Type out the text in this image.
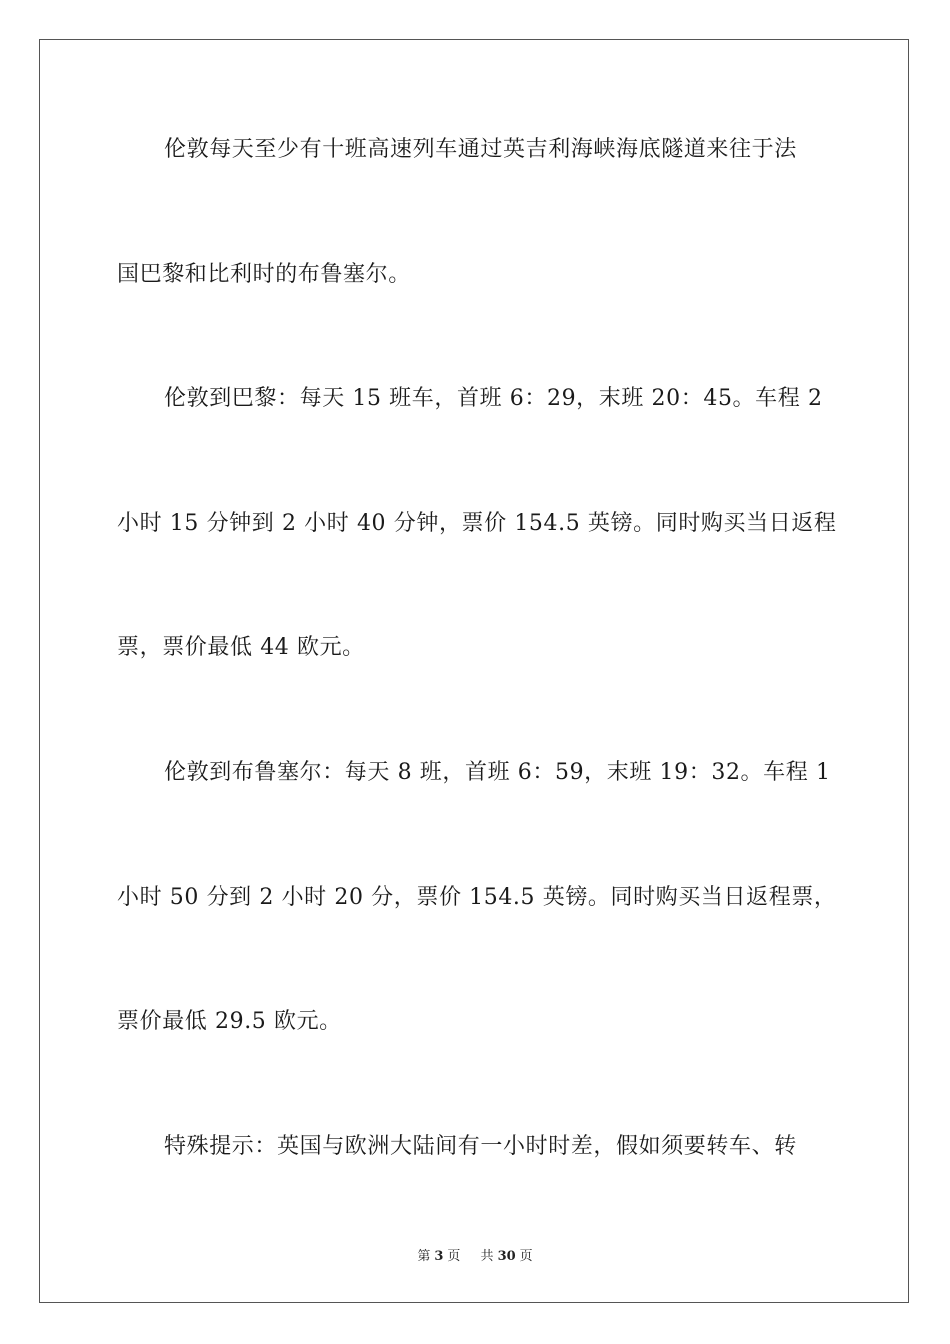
伦敦每天至少有十班高速列车通过英吉利海峡海底隧道来往于法
国巴黎和比利时的布鲁塞尔。
伦敦到巴黎：每天 15 班车，首班 6：29，末班 20：45。车程 2
小时 15 分钟到 2 小时 40 分钟，票价 154.5 英镑。同时购买当日返程
票，票价最低 44 欧元。
伦敦到布鲁塞尔：每天 8 班，首班 6：59，末班 19：32。车程 1
小时 50 分到 2 小时 20 分，票价 154.5 英镑。同时购买当日返程票，
票价最低 29.5 欧元。
特殊提示：英国与欧洲大陆间有一小时时差，假如须要转车、转
第 3 页 共 30 页
